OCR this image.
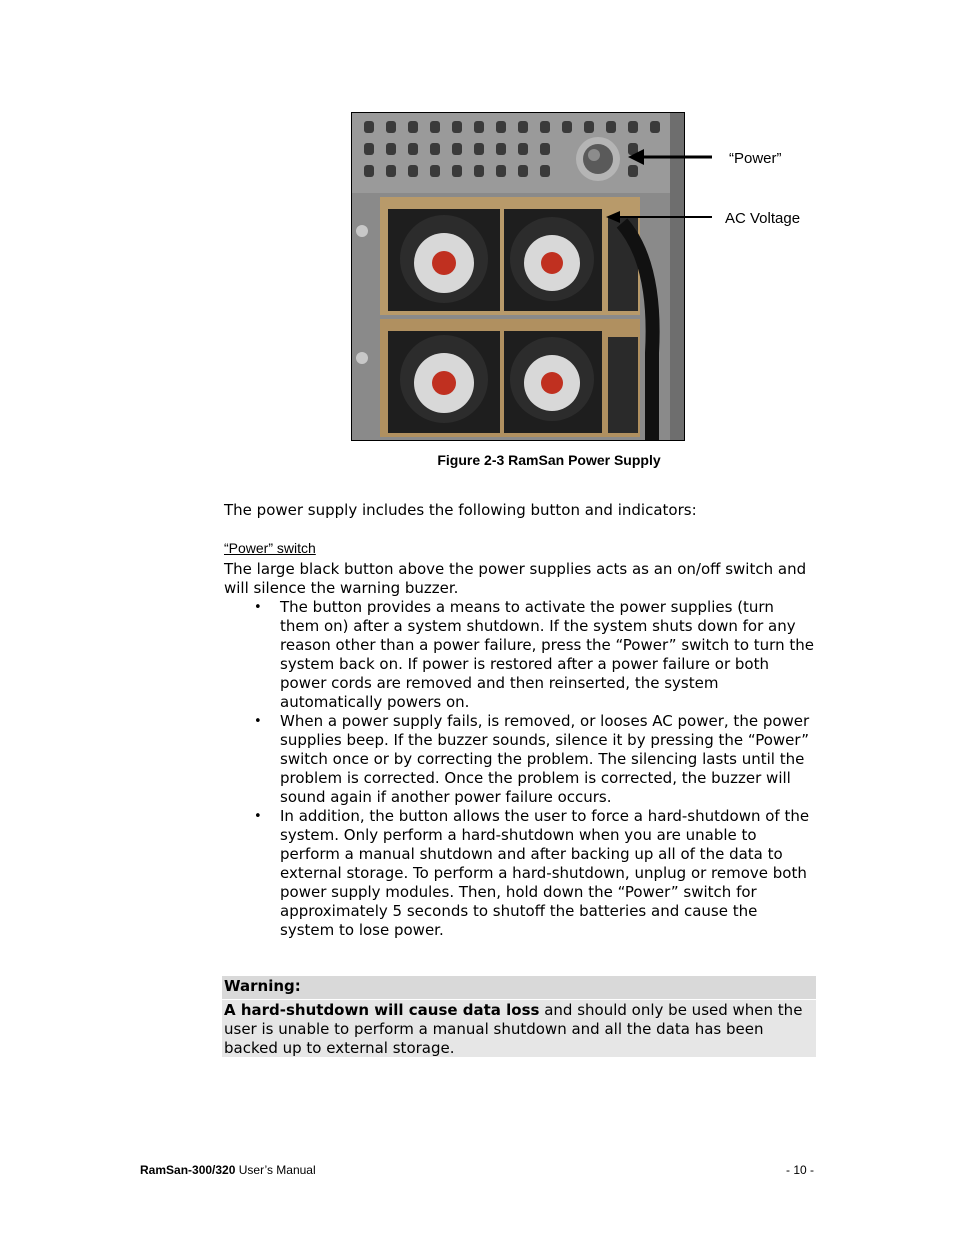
“Power”
AC Voltage
Figure 2-3 RamSan Power Supply
The power supply includes the following button and indicators:
“Power” switch
The large black button above the power supplies acts as an on/off switch and will silence the warning buzzer.
• The button provides a means to activate the power supplies (turn them on) after a system shutdown. If the system shuts down for any reason other than a power failure, press the “Power” switch to turn the system back on. If power is restored after a power failure or both power cords are removed and then reinserted, the system automatically powers on.
• When a power supply fails, is removed, or looses AC power, the power supplies beep. If the buzzer sounds, silence it by pressing the “Power” switch once or by correcting the problem. The silencing lasts until the problem is corrected. Once the problem is corrected, the buzzer will sound again if another power failure occurs.
• In addition, the button allows the user to force a hard-shutdown of the system. Only perform a hard-shutdown when you are unable to perform a manual shutdown and after backing up all of the data to external storage. To perform a hard-shutdown, unplug or remove both power supply modules. Then, hold down the “Power” switch for approximately 5 seconds to shutoff the batteries and cause the system to lose power.
Warning:
A hard-shutdown will cause data loss and should only be used when the user is unable to perform a manual shutdown and all the data has been backed up to external storage.
RamSan-300/320 User’s Manual	- 10 -
